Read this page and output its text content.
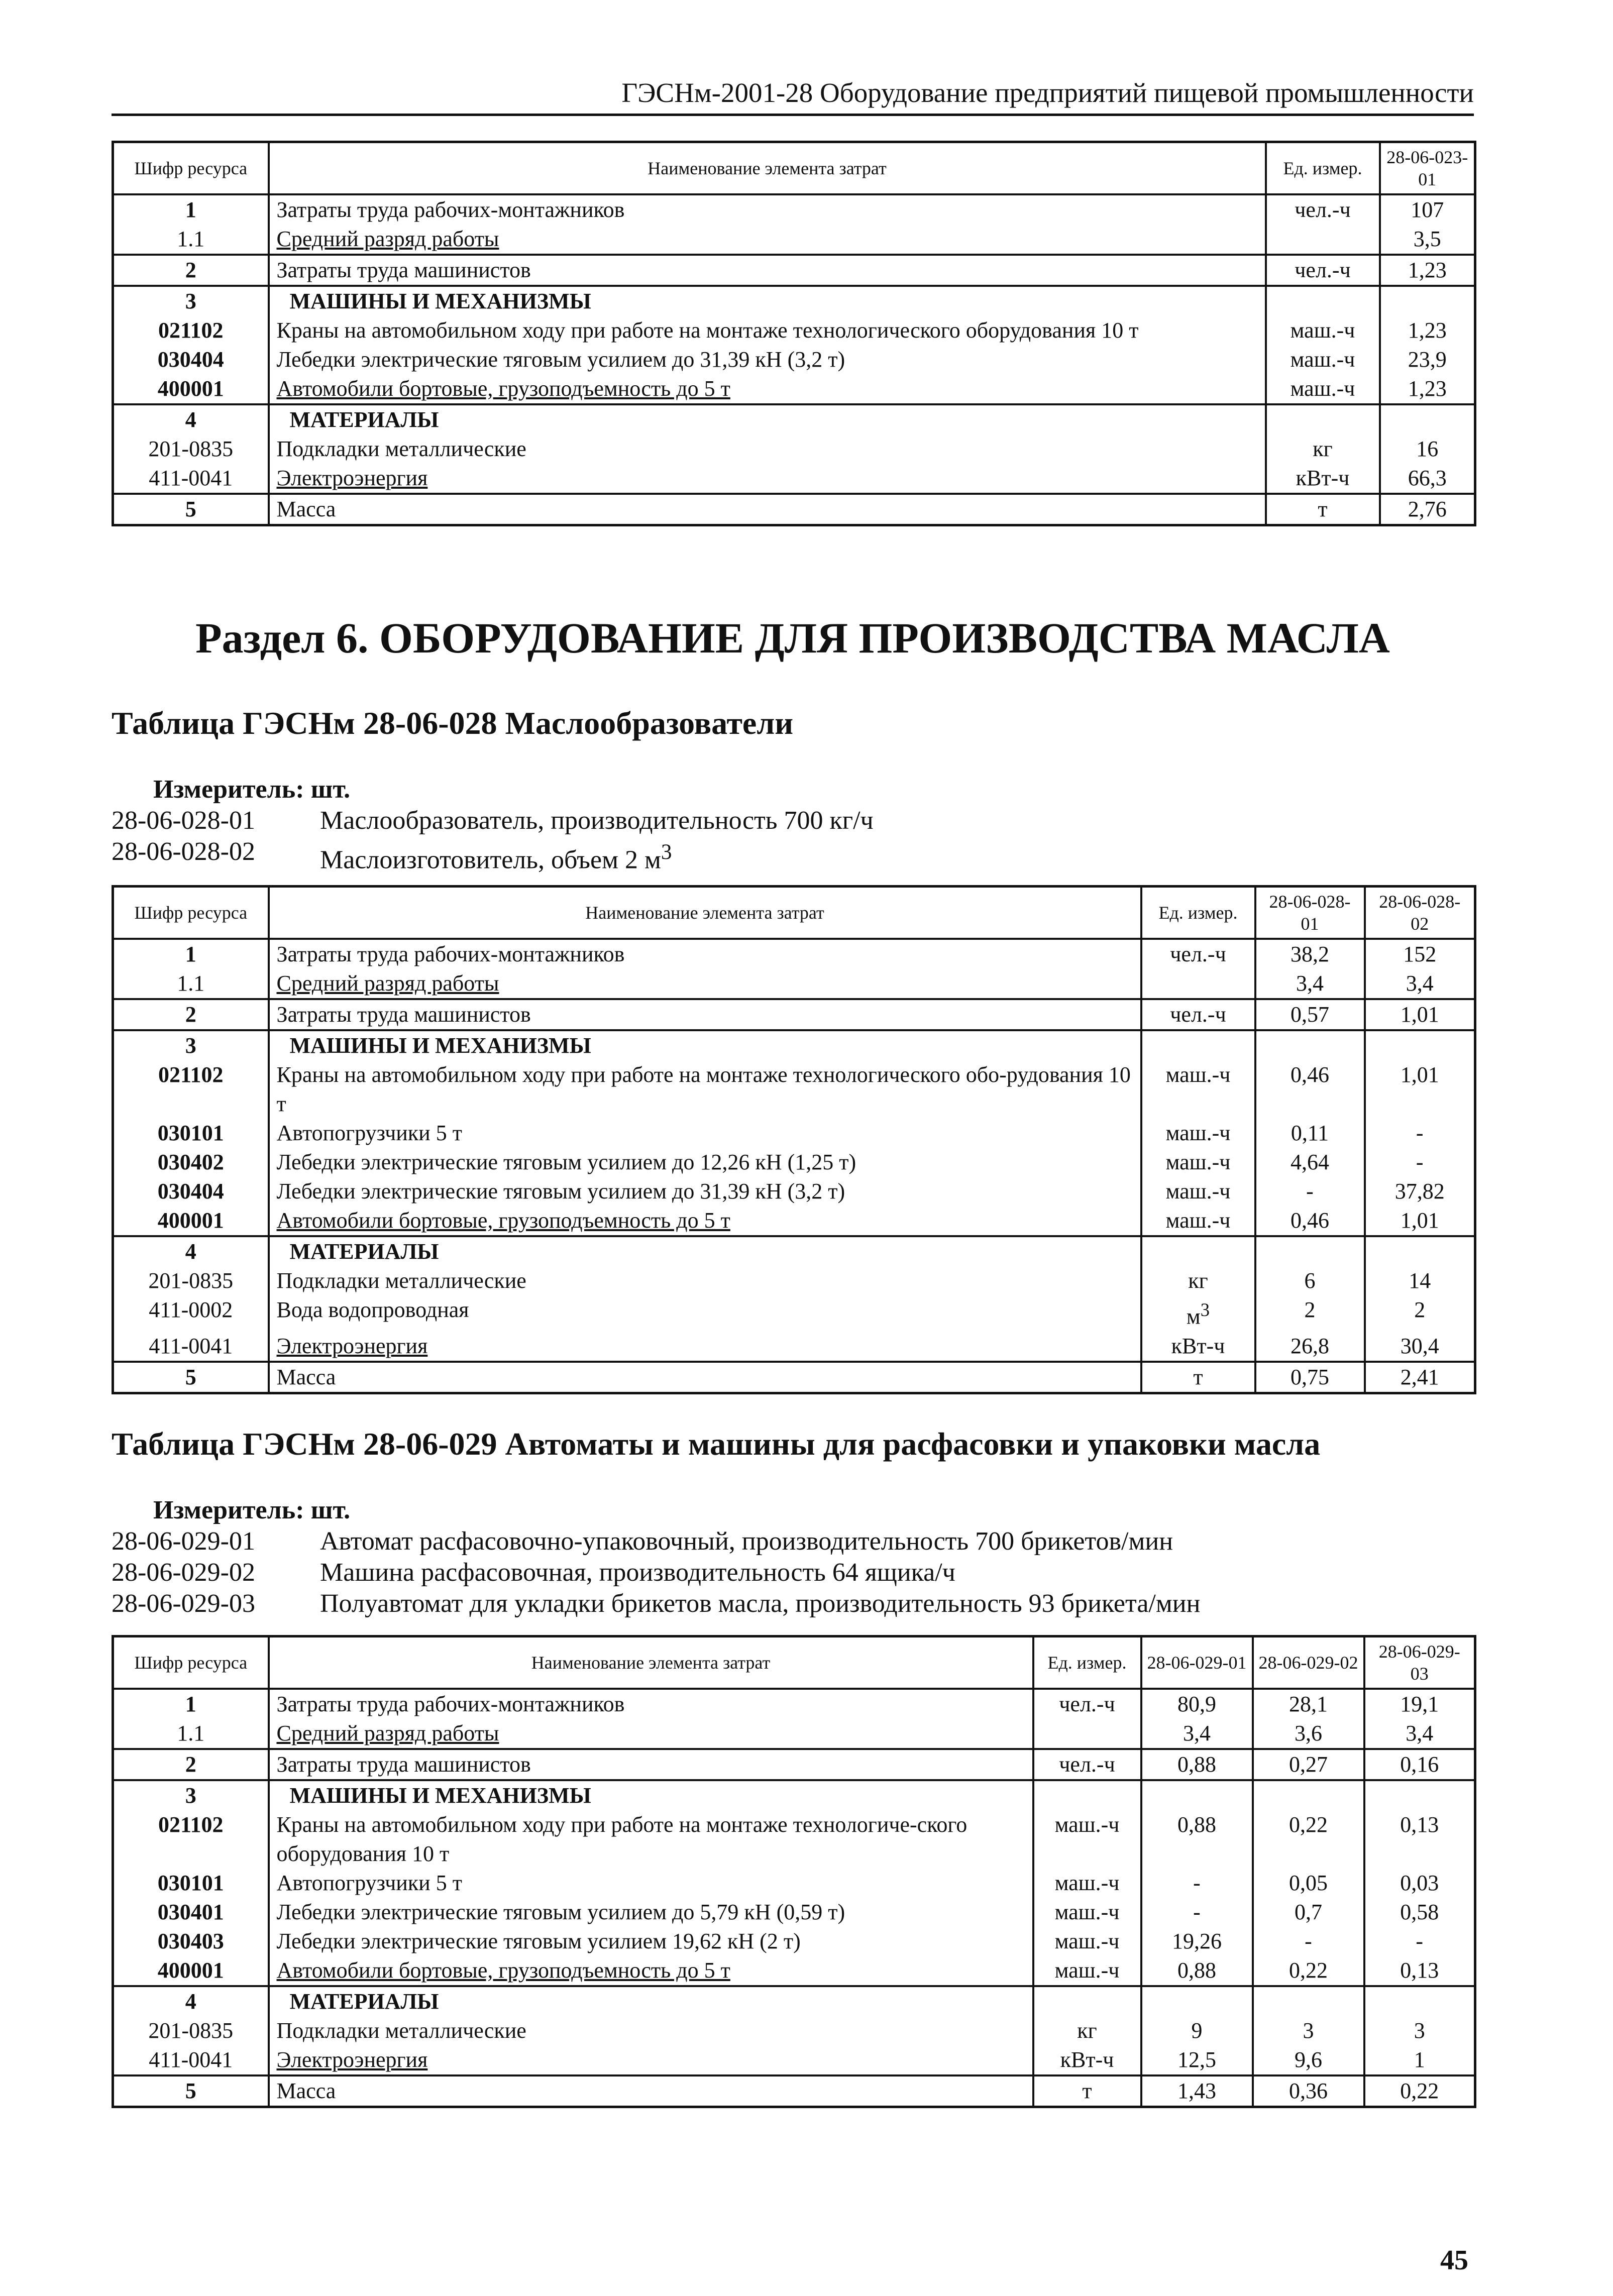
ГЭСНм-2001-28 Оборудование предприятий пищевой промышленности
Шифр ресурса	Наименование элемента затрат	Ед. измер.	28-06-023-01
1	Затраты труда рабочих-монтажников	чел.-ч	107
1.1	Средний разряд работы		3,5
2	Затраты труда машинистов	чел.-ч	1,23
3	МАШИНЫ И МЕХАНИЗМЫ		
021102	Краны на автомобильном ходу при работе на монтаже технологического оборудования 10 т	маш.-ч	1,23
030404	Лебедки электрические тяговым усилием до 31,39 кН (3,2 т)	маш.-ч	23,9
400001	Автомобили бортовые, грузоподъемность до 5 т	маш.-ч	1,23
4	МАТЕРИАЛЫ		
201-0835	Подкладки металлические	кг	16
411-0041	Электроэнергия	кВт-ч	66,3
5	Масса	т	2,76
Раздел 6. ОБОРУДОВАНИЕ ДЛЯ ПРОИЗВОДСТВА МАСЛА
Таблица ГЭСНм 28-06-028 Маслообразователи
Измеритель: шт.
28-06-028-01	Маслообразователь, производительность 700 кг/ч
28-06-028-02	Маслоизготовитель, объем 2 $м^3$
Шифр ресурса	Наименование элемента затрат	Ед. измер.	28-06-028-01	28-06-028-02
1	Затраты труда рабочих-монтажников	чел.-ч	38,2	152
1.1	Средний разряд работы		3,4	3,4
2	Затраты труда машинистов	чел.-ч	0,57	1,01
3	МАШИНЫ И МЕХАНИЗМЫ			
021102	Краны на автомобильном ходу при работе на монтаже технологического обо-рудования 10 т	маш.-ч	0,46	1,01
030101	Автопогрузчики 5 т	маш.-ч	0,11	-
030402	Лебедки электрические тяговым усилием до 12,26 кН (1,25 т)	маш.-ч	4,64	-
030404	Лебедки электрические тяговым усилием до 31,39 кН (3,2 т)	маш.-ч	-	37,82
400001	Автомобили бортовые, грузоподъемность до 5 т	маш.-ч	0,46	1,01
4	МАТЕРИАЛЫ			
201-0835	Подкладки металлические	кг	6	14
411-0002	Вода водопроводная	$м^3$	2	2
411-0041	Электроэнергия	кВт-ч	26,8	30,4
5	Масса	т	0,75	2,41
Таблица ГЭСНм 28-06-029 Автоматы и машины для расфасовки и упаковки масла
Измеритель: шт.
28-06-029-01	Автомат расфасовочно-упаковочный, производительность 700 брикетов/мин
28-06-029-02	Машина расфасовочная, производительность 64 ящика/ч
28-06-029-03	Полуавтомат для укладки брикетов масла, производительность 93 брикета/мин
Шифр ресурса	Наименование элемента затрат	Ед. измер.	28-06-029-01	28-06-029-02	28-06-029-03
1	Затраты труда рабочих-монтажников	чел.-ч	80,9	28,1	19,1
1.1	Средний разряд работы		3,4	3,6	3,4
2	Затраты труда машинистов	чел.-ч	0,88	0,27	0,16
3	МАШИНЫ И МЕХАНИЗМЫ				
021102	Краны на автомобильном ходу при работе на монтаже технологиче-ского оборудования 10 т	маш.-ч	0,88	0,22	0,13
030101	Автопогрузчики 5 т	маш.-ч	-	0,05	0,03
030401	Лебедки электрические тяговым усилием до 5,79 кН (0,59 т)	маш.-ч	-	0,7	0,58
030403	Лебедки электрические тяговым усилием 19,62 кН (2 т)	маш.-ч	19,26	-	-
400001	Автомобили бортовые, грузоподъемность до 5 т	маш.-ч	0,88	0,22	0,13
4	МАТЕРИАЛЫ				
201-0835	Подкладки металлические	кг	9	3	3
411-0041	Электроэнергия	кВт-ч	12,5	9,6	1
5	Масса	т	1,43	0,36	0,22
45
